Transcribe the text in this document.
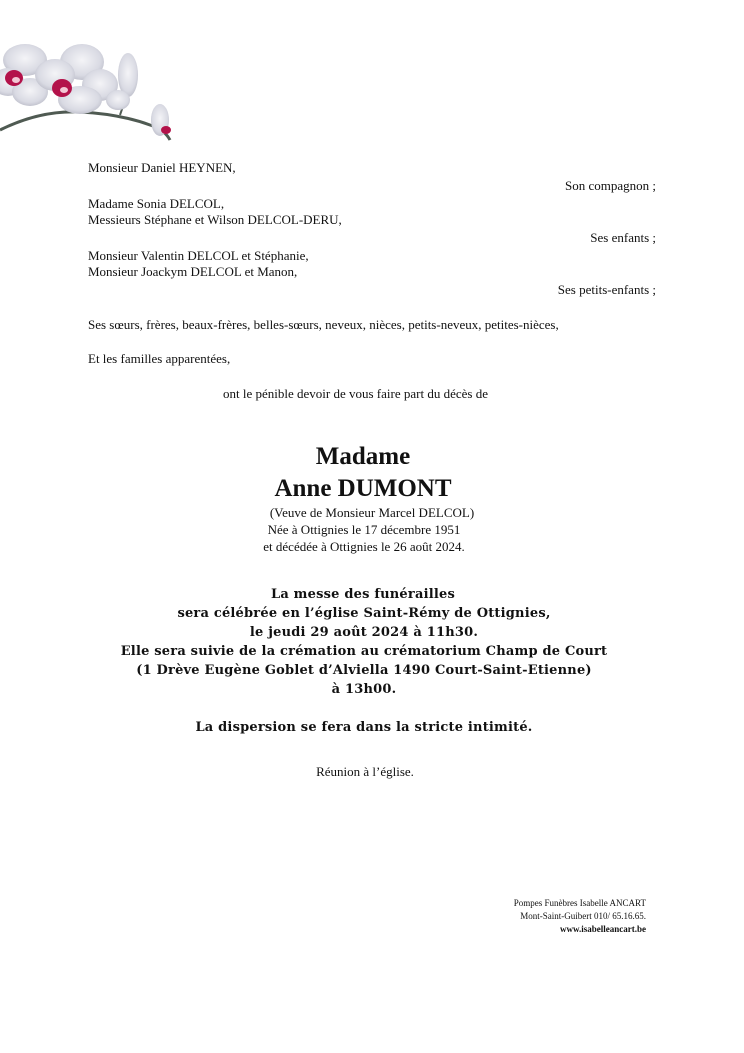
Monsieur Daniel HEYNEN,
Son compagnon ;
Madame Sonia DELCOL,
Messieurs Stéphane et Wilson DELCOL-DERU,
Ses enfants ;
Monsieur Valentin DELCOL et Stéphanie,
Monsieur Joackym DELCOL et Manon,
Ses petits-enfants ;
Ses sœurs, frères, beaux-frères, belles-sœurs, neveux, nièces, petits-neveux, petites-nièces,
Et les familles apparentées,
ont le pénible devoir de vous faire part du décès de
Madame
Anne DUMONT
(Veuve de Monsieur Marcel DELCOL)
Née à Ottignies le 17 décembre 1951
et décédée à Ottignies le 26 août 2024.
La messe des funérailles
sera célébrée en l’église Saint-Rémy de Ottignies,
le jeudi 29 août 2024 à 11h30.
Elle sera suivie de la crémation au crématorium Champ de Court
(1 Drève Eugène Goblet d’Alviella 1490 Court-Saint-Etienne)
à 13h00.
La dispersion se fera dans la stricte intimité.
Réunion à l’église.
Pompes Funèbres Isabelle ANCART
Mont-Saint-Guibert 010/ 65.16.65.
www.isabelleancart.be
